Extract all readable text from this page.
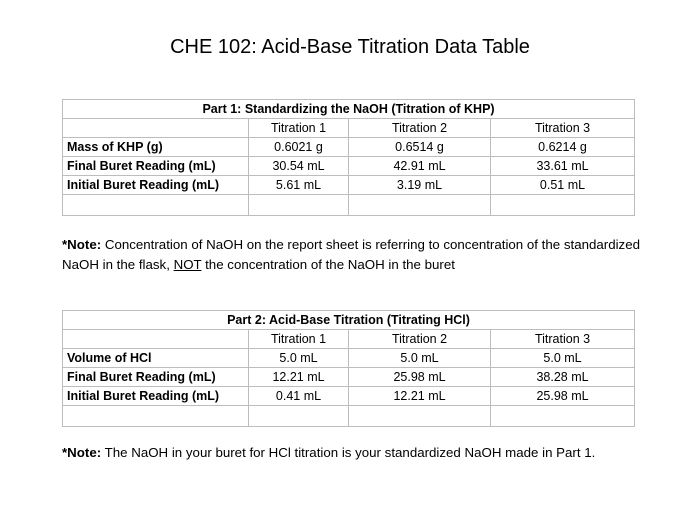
CHE 102: Acid-Base Titration Data Table
Part 1: Standardizing the NaOH (Titration of KHP)			
	Titration 1	Titration 2	Titration 3
Mass of KHP (g)	0.6021 g	0.6514 g	0.6214 g
Final Buret Reading (mL)	30.54 mL	42.91 mL	33.61 mL
Initial Buret Reading (mL)	5.61 mL	3.19 mL	0.51 mL

*Note: Concentration of NaOH on the report sheet is referring to concentration of the standardized NaOH in the flask, NOT the concentration of the NaOH in the buret
Part 2: Acid-Base Titration (Titrating HCl)			
	Titration 1	Titration 2	Titration 3
Volume of HCl	5.0 mL	5.0 mL	5.0 mL
Final Buret Reading (mL)	12.21 mL	25.98 mL	38.28 mL
Initial Buret Reading (mL)	0.41 mL	12.21 mL	25.98 mL

*Note: The NaOH in your buret for HCl titration is your standardized NaOH made in Part 1.
